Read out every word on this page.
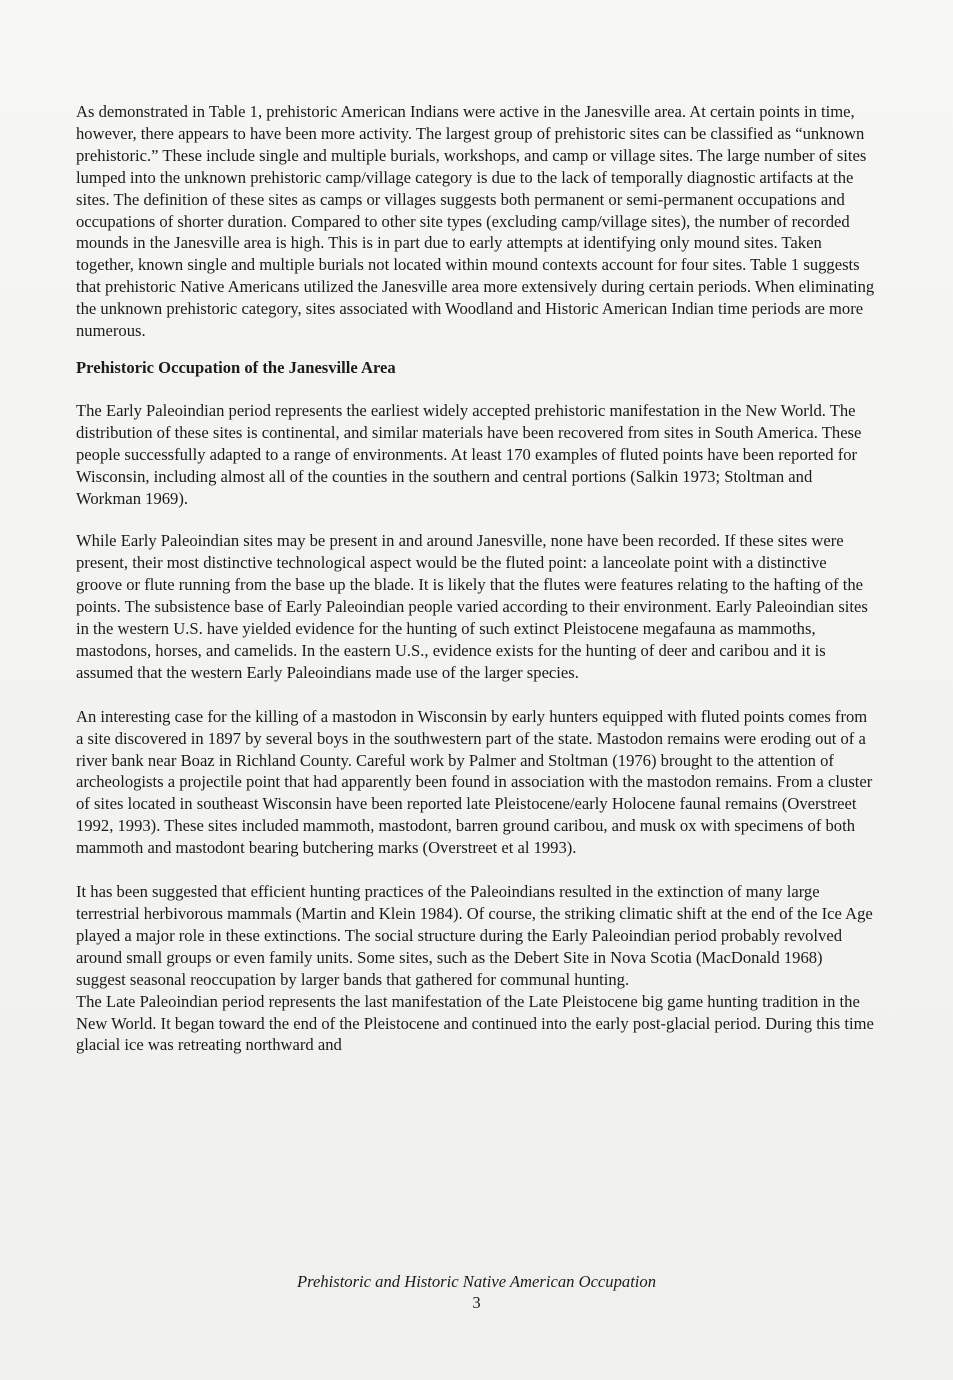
As demonstrated in Table 1, prehistoric American Indians were active in the Janesville area. At certain points in time, however, there appears to have been more activity. The largest group of prehistoric sites can be classified as “unknown prehistoric.” These include single and multiple burials, workshops, and camp or village sites. The large number of sites lumped into the unknown prehistoric camp/village category is due to the lack of temporally diagnostic artifacts at the sites. The definition of these sites as camps or villages suggests both permanent or semi-permanent occupations and occupations of shorter duration. Compared to other site types (excluding camp/village sites), the number of recorded mounds in the Janesville area is high. This is in part due to early attempts at identifying only mound sites. Taken together, known single and multiple burials not located within mound contexts account for four sites. Table 1 suggests that prehistoric Native Americans utilized the Janesville area more extensively during certain periods. When eliminating the unknown prehistoric category, sites associated with Woodland and Historic American Indian time periods are more numerous.

Prehistoric Occupation of the Janesville Area

The Early Paleoindian period represents the earliest widely accepted prehistoric manifestation in the New World. The distribution of these sites is continental, and similar materials have been recovered from sites in South America. These people successfully adapted to a range of environments. At least 170 examples of fluted points have been reported for Wisconsin, including almost all of the counties in the southern and central portions (Salkin 1973; Stoltman and Workman 1969).

While Early Paleoindian sites may be present in and around Janesville, none have been recorded. If these sites were present, their most distinctive technological aspect would be the fluted point: a lanceolate point with a distinctive groove or flute running from the base up the blade. It is likely that the flutes were features relating to the hafting of the points. The subsistence base of Early Paleoindian people varied according to their environment. Early Paleoindian sites in the western U.S. have yielded evidence for the hunting of such extinct Pleistocene megafauna as mammoths, mastodons, horses, and camelids. In the eastern U.S., evidence exists for the hunting of deer and caribou and it is assumed that the western Early Paleoindians made use of the larger species.

An interesting case for the killing of a mastodon in Wisconsin by early hunters equipped with fluted points comes from a site discovered in 1897 by several boys in the southwestern part of the state. Mastodon remains were eroding out of a river bank near Boaz in Richland County. Careful work by Palmer and Stoltman (1976) brought to the attention of archeologists a projectile point that had apparently been found in association with the mastodon remains. From a cluster of sites located in southeast Wisconsin have been reported late Pleistocene/early Holocene faunal remains (Overstreet 1992, 1993). These sites included mammoth, mastodont, barren ground caribou, and musk ox with specimens of both mammoth and mastodont bearing butchering marks (Overstreet et al 1993).

It has been suggested that efficient hunting practices of the Paleoindians resulted in the extinction of many large terrestrial herbivorous mammals (Martin and Klein 1984). Of course, the striking climatic shift at the end of the Ice Age played a major role in these extinctions. The social structure during the Early Paleoindian period probably revolved around small groups or even family units. Some sites, such as the Debert Site in Nova Scotia (MacDonald 1968) suggest seasonal reoccupation by larger bands that gathered for communal hunting.

The Late Paleoindian period represents the last manifestation of the Late Pleistocene big game hunting tradition in the New World. It began toward the end of the Pleistocene and continued into the early post-glacial period. During this time glacial ice was retreating northward and

Prehistoric and Historic Native American Occupation
3
